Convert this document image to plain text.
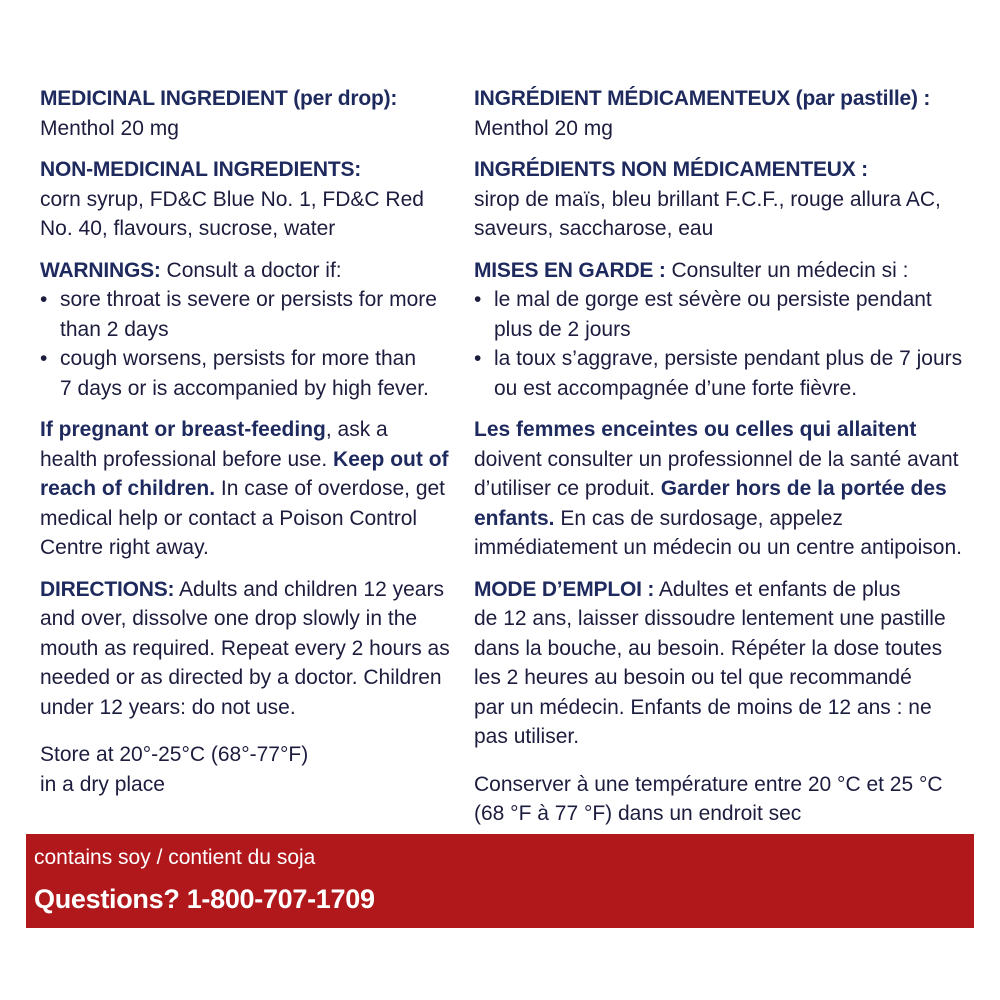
MEDICINAL INGREDIENT (per drop):
Menthol 20 mg
NON-MEDICINAL INGREDIENTS:
corn syrup, FD&C Blue No. 1, FD&C Red
No. 40, flavours, sucrose, water
WARNINGS: Consult a doctor if:
• sore throat is severe or persists for more
than 2 days
• cough worsens, persists for more than
7 days or is accompanied by high fever.
If pregnant or breast-feeding, ask a
health professional before use. Keep out of
reach of children. In case of overdose, get
medical help or contact a Poison Control
Centre right away.
DIRECTIONS: Adults and children 12 years
and over, dissolve one drop slowly in the
mouth as required. Repeat every 2 hours as
needed or as directed by a doctor. Children
under 12 years: do not use.
Store at 20°-25°C (68°-77°F)
in a dry place
INGRÉDIENT MÉDICAMENTEUX (par pastille) :
Menthol 20 mg
INGRÉDIENTS NON MÉDICAMENTEUX :
sirop de maïs, bleu brillant F.C.F., rouge allura AC,
saveurs, saccharose, eau
MISES EN GARDE : Consulter un médecin si :
• le mal de gorge est sévère ou persiste pendant
plus de 2 jours
• la toux s’aggrave, persiste pendant plus de 7 jours
ou est accompagnée d’une forte fièvre.
Les femmes enceintes ou celles qui allaitent
doivent consulter un professionnel de la santé avant
d’utiliser ce produit. Garder hors de la portée des
enfants. En cas de surdosage, appelez
immédiatement un médecin ou un centre antipoison.
MODE D’EMPLOI : Adultes et enfants de plus
de 12 ans, laisser dissoudre lentement une pastille
dans la bouche, au besoin. Répéter la dose toutes
les 2 heures au besoin ou tel que recommandé
par un médecin. Enfants de moins de 12 ans : ne
pas utiliser.
Conserver à une température entre 20 °C et 25 °C
(68 °F à 77 °F) dans un endroit sec
contains soy / contient du soja
Questions? 1-800-707-1709
